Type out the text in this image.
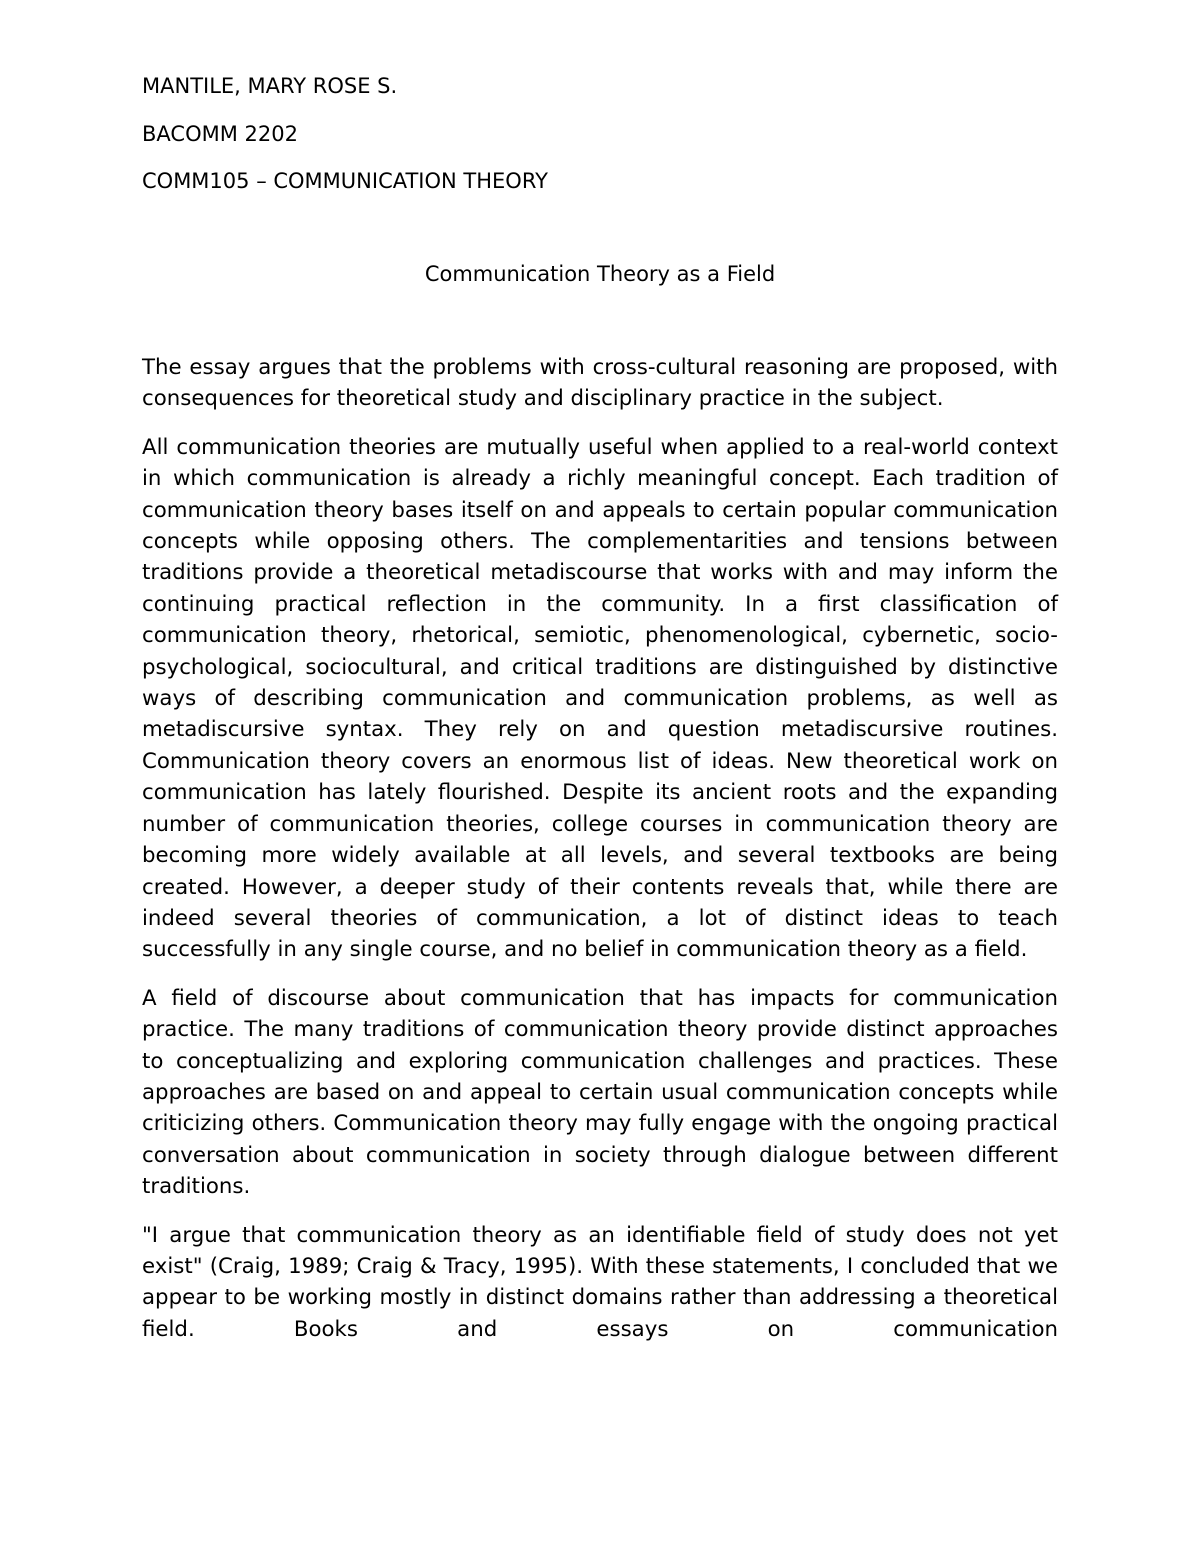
MANTILE, MARY ROSE S.
BACOMM 2202
COMM105 – COMMUNICATION THEORY
Communication Theory as a Field

The essay argues that the problems with cross-cultural reasoning are proposed, with consequences for theoretical study and disciplinary practice in the subject.

All communication theories are mutually useful when applied to a real-world context in which communication is already a richly meaningful concept. Each tradition of communication theory bases itself on and appeals to certain popular communication concepts while opposing others. The complementarities and tensions between traditions provide a theoretical metadiscourse that works with and may inform the continuing practical reflection in the community. In a first classification of communication theory, rhetorical, semiotic, phenomenological, cybernetic, socio-psychological, sociocultural, and critical traditions are distinguished by distinctive ways of describing communication and communication problems, as well as metadiscursive syntax. They rely on and question metadiscursive routines. Communication theory covers an enormous list of ideas. New theoretical work on communication has lately flourished. Despite its ancient roots and the expanding number of communication theories, college courses in communication theory are becoming more widely available at all levels, and several textbooks are being created. However, a deeper study of their contents reveals that, while there are indeed several theories of communication, a lot of distinct ideas to teach successfully in any single course, and no belief in communication theory as a field.

A field of discourse about communication that has impacts for communication practice. The many traditions of communication theory provide distinct approaches to conceptualizing and exploring communication challenges and practices. These approaches are based on and appeal to certain usual communication concepts while criticizing others. Communication theory may fully engage with the ongoing practical conversation about communication in society through dialogue between different traditions.

"I argue that communication theory as an identifiable field of study does not yet exist" (Craig, 1989; Craig & Tracy, 1995). With these statements, I concluded that we appear to be working mostly in distinct domains rather than addressing a theoretical field. Books and essays on communication
